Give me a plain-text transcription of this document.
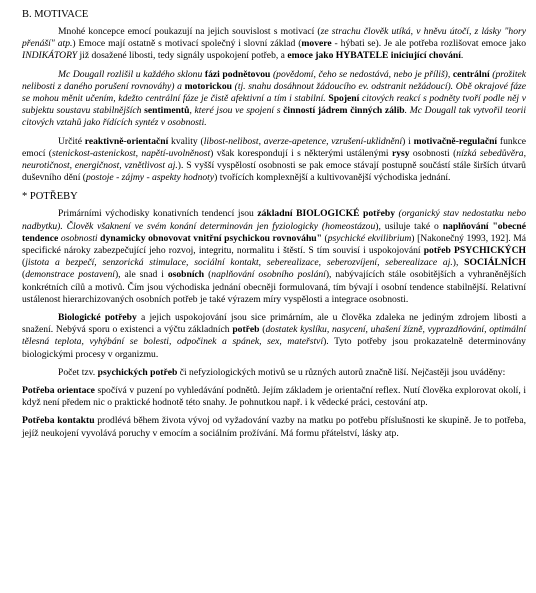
B. MOTIVACE

Mnohé koncepce emocí poukazují na jejich souvislost s motivací (ze strachu člověk utíká, v hněvu útočí, z lásky "hory přenáší" atp.) Emoce mají ostatně s motivací společný i slovní základ (movere - hýbati se). Je ale potřeba rozlišovat emoce jako INDIKÁTORY již dosažené libosti, tedy signály uspokojení potřeb, a emoce jako HYBATELE iniciující chování.

Mc Dougall rozlišil u každého sklonu fázi podnětovou (povědomí, čeho se nedostává, nebo je příliš), centrální (prožitek nelibosti z daného porušení rovnováhy) a motorickou (tj. snahu dosáhnout žádoucího ev. odstranit nežádoucí). Obě okrajové fáze se mohou měnit učením, kdežto centrální fáze je čistě afektivní a tím i stabilní. Spojení citových reakcí s podněty tvoří podle něj v subjektu soustavu stabilnějších sentimentů, které jsou ve spojení s činností jádrem činných zálib. Mc Dougall tak vytvořil teorii citových vztahů jako řídících syntéz v osobnosti.

Určité reaktivně-orientační kvality (libost-nelibost, averze-apetence, vzrušení-uklidnění) i motivačně-regulační funkce emocí (stenickost-astenickost, napětí-uvolněnost) však korespondují i s některými ustálenými rysy osobnosti (nízká sebedůvěra, neurotičnost, energičnost, vznětlivost aj.). S vyšší vyspělostí osobnosti se pak emoce stávají postupně součástí stále širších útvarů duševního dění (postoje - zájmy - aspekty hodnoty) tvořících komplexnější a kultivovanější východiska jednání.

* POTŘEBY

Primárními východisky konativních tendencí jsou základní BIOLOGICKÉ potřeby (organický stav nedostatku nebo nadbytku). Člověk všaknení ve svém konání determinován jen fyziologicky (homeostázou), usiluje také o naplňování "obecné tendence osobnosti dynamicky obnovovat vnitřní psychickou rovnováhu" (psychické ekvilibrium) [Nakonečný 1993, 192]. Má specifické nároky zabezpečující jeho rozvoj, integritu, normalitu i štěstí. S tím souvisí i uspokojování potřeb PSYCHICKÝCH (jistota a bezpečí, senzorická stimulace, sociální kontakt, seberealizace, seberozvíjení, seberealizace aj.), SOCIÁLNÍCH (demonstrace postavení), ale snad i osobních (naplňování osobního poslání), nabývajících stále osobitějších a vyhraněnějších konkrétních cílů a motivů. Čím jsou východiska jednání obecněji formulovaná, tím bývají i osobní tendence stabilnější. Relativní ustálenost hierarchizovaných osobních potřeb je také výrazem míry vyspělosti a integrace osobnosti.

Biologické potřeby a jejich uspokojování jsou sice primárním, ale u člověka zdaleka ne jediným zdrojem libosti a snažení. Nebývá sporu o existenci a výčtu základních potřeb (dostatek kyslíku, nasycení, uhašení žízně, vyprazdňování, optimální tělesná teplota, vyhýbání se bolesti, odpočinek a spánek, sex, mateřství). Tyto potřeby jsou prokazatelně determinovány biologickými procesy v organizmu.

Počet tzv. psychických potřeb či nefyziologických motivů se u různých autorů značně liší. Nejčastěji jsou uváděny:

Potřeba orientace spočívá v puzení po vyhledávání podnětů. Jejím základem je orientační reflex. Nutí člověka explorovat okolí, i když není předem nic o praktické hodnotě této snahy. Je pohnutkou např. i k vědecké práci, cestování atp.

Potřeba kontaktu prodlévá během života vývoj od vyžadování vazby na matku po potřebu příslušnosti ke skupině. Je to potřeba, jejíž neukojení vyvolává poruchy v emocím a sociálním prožívání. Má formu přátelství, lásky atp.
